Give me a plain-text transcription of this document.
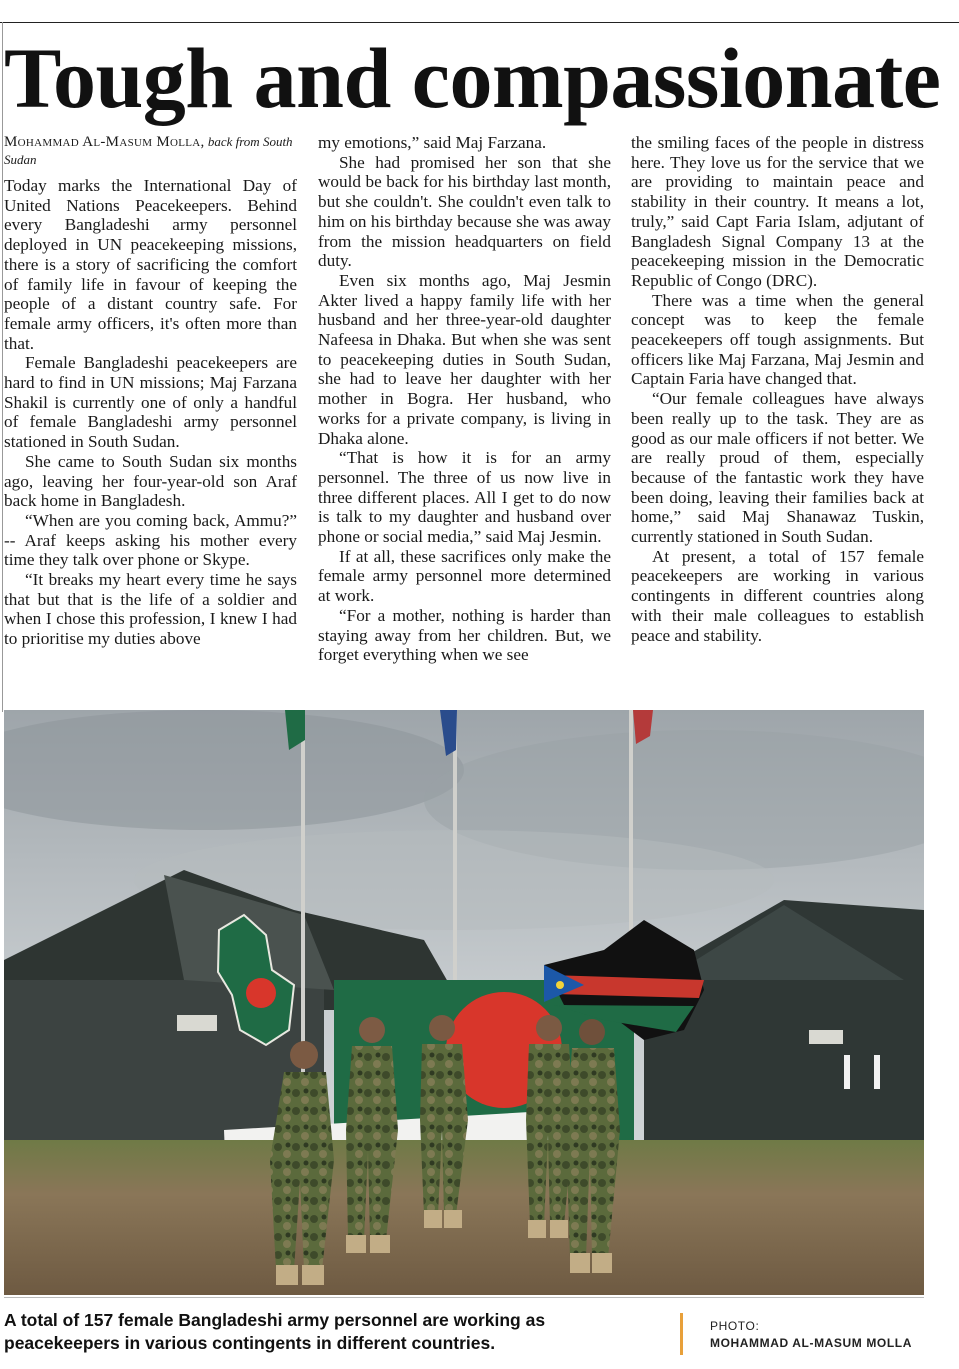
Tough and compassionate
Mohammad Al-Masum Molla, back from South Sudan

Today marks the International Day of United Nations Peacekeepers. Behind every Bangladeshi army personnel deployed in UN peacekeeping missions, there is a story of sacrificing the comfort of family life in favour of keeping the people of a distant country safe. For female army officers, it's often more than that.

Female Bangladeshi peacekeepers are hard to find in UN missions; Maj Farzana Shakil is currently one of only a handful of female Bangladeshi army personnel stationed in South Sudan.

She came to South Sudan six months ago, leaving her four-year-old son Araf back home in Bangladesh.

“When are you coming back, Ammu?” -- Araf keeps asking his mother every time they talk over phone or Skype.

“It breaks my heart every time he says that but that is the life of a soldier and when I chose this profession, I knew I had to prioritise my duties above

my emotions,” said Maj Farzana.

She had promised her son that she would be back for his birthday last month, but she couldn't. She couldn't even talk to him on his birthday because she was away from the mission headquarters on field duty.

Even six months ago, Maj Jesmin Akter lived a happy family life with her husband and her three-year-old daughter Nafeesa in Dhaka. But when she was sent to peacekeeping duties in South Sudan, she had to leave her daughter with her mother in Bogra. Her husband, who works for a private company, is living in Dhaka alone.

“That is how it is for an army personnel. The three of us now live in three different places. All I get to do now is talk to my daughter and husband over phone or social media,” said Maj Jesmin.

If at all, these sacrifices only make the female army personnel more determined at work.

“For a mother, nothing is harder than staying away from her children. But, we forget everything when we see

the smiling faces of the people in distress here. They love us for the service that we are providing to maintain peace and stability in their country. It means a lot, truly,” said Capt Faria Islam, adjutant of Bangladesh Signal Company 13 at the peacekeeping mission in the Democratic Republic of Congo (DRC).

There was a time when the general concept was to keep the female peacekeepers off tough assignments. But officers like Maj Farzana, Maj Jesmin and Captain Faria have changed that.

“Our female colleagues have always been really up to the task. They are as good as our male officers if not better. We are really proud of them, especially because of the fantastic work they have been doing, leaving their families back at home,” said Maj Shanawaz Tuskin, currently stationed in South Sudan.

At present, a total of 157 female peacekeepers are working in various contingents in different countries along with their male colleagues to establish peace and stability.

A total of 157 female Bangladeshi army personnel are working as peacekeepers in various contingents in different countries.
PHOTO:
MOHAMMAD AL-MASUM MOLLA
